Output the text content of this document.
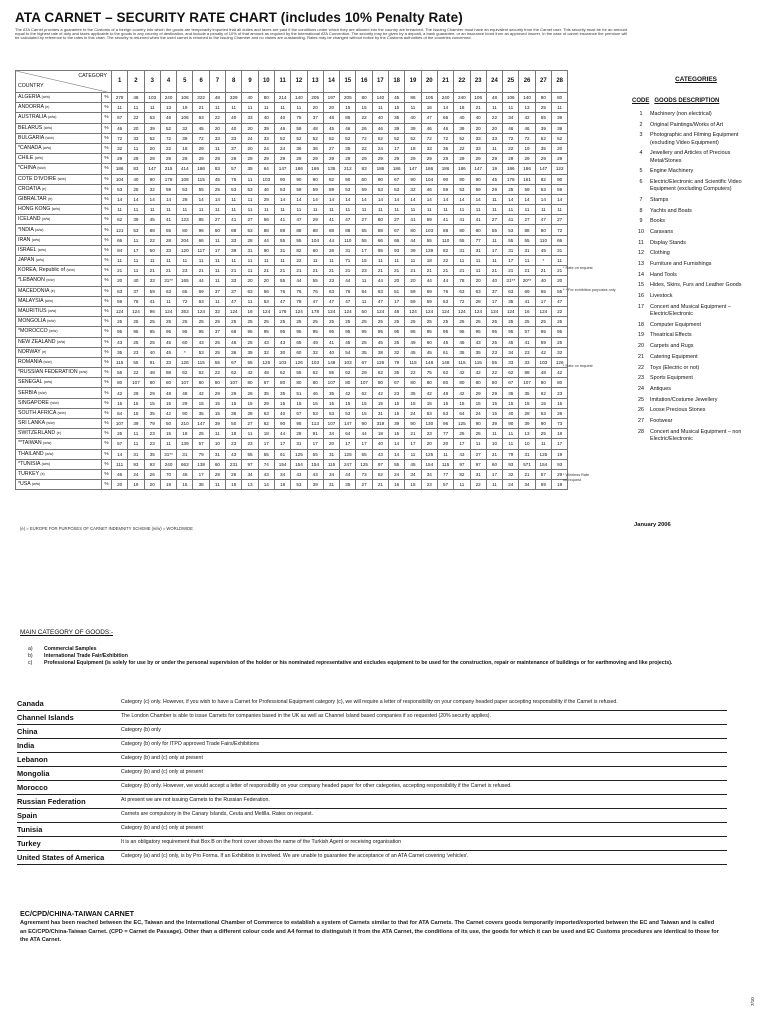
ATA CARNET – SECURITY RATE CHART (includes 10% Penalty Rate)
The ATA Carnet provides a guarantee to the Customs of a foreign country into which the goods are temporarily imported that all duties and taxes are paid if the conditions under which they are allowed into the country are breached. The Issuing Chamber must have an equivalent security from the Carnet user. This security must be for an amount equal to the highest rate of duty and taxes applicable to the goods in any country of destination, and include a penalty of 10% of that amount as required by the International ATA Convention. The security may be given by a deposit, a bank guarantee, or an insurance bond from an approved insurer. In the case of carnet insurance the premium will be calculated by reference to the rates in this chart. The security is returned when the used carnet is returned to the Issuing Chamber and no claims are outstanding. Rates may be changed without notice by the Customs authorities of the countries concerned.
CATEGORY
COUNTRY		1	2	3	4	5	6	7	8	9	10	11	12	13	14	15	16	17	18	19	20	21	22	23	24	25	26	27	28
ALGERIA (w/w)	%	279	48	103	240	106	322	48	329	40	80	214	140	205	197	205	80	140	45	86	105	240	240	106	48	106	140	80	80
ANDORRA (e)	%	11	11	11	13	19	21	11	11	11	11	11	11	20	20	15	15	11	15	11	16	14	18	21	11	11	13	25	11
AUSTRALIA (w/w)	%	67	22	53	46	106	63	22	40	33	40	40	75	37	48	85	22	40	35	40	47	66	40	40	22	34	42	55	39
BELARUS (w/w)	%	46	20	39	52	32	45	20	40	20	39	46	59	48	45	46	26	46	39	39	46	46	39	20	20	46	46	39	39
BULGARIA (w/w)	%	72	33	52	72	39	72	33	33	24	33	52	52	52	52	52	72	52	52	52	72	72	52	33	33	72	72	52	52
*CANADA (w/w)	%	32	11	20	22	18	29	11	37	20	24	24	36	36	27	35	22	24	17	18	33	36	22	33	11	22	19	35	20
CHILE (w/w)	%	29	29	29	29	29	29	29	29	29	29	29	29	29	29	29	29	29	29	29	29	29	29	29	29	29	29	29	29
*CHINA (w/w)	%	186	83	147	215	414	186	83	57	35	64	147	186	186	135	212	83	186	186	147	186	186	186	147	19	186	186	147	122
COTE D'IVOIRE (w/w)	%	104	40	90	178	108	115	45	75	11	103	90	90	90	82	90	60	90	67	90	104	90	90	90	45	178	161	82	90
CROATIA (e)	%	53	25	32	59	53	55	25	53	53	46	53	59	59	59	53	59	53	53	32	46	59	53	59	29	25	59	53	59
GIBRALTAR (e)	%	14	14	14	14	29	14	14	11	11	29	14	14	14	14	14	14	14	14	14	14	14	14	14	11	14	14	14	14
HONG KONG (w/w)	%	11	11	11	11	11	11	11	11	11	11	11	11	11	11	11	11	11	11	11	11	11	11	11	11	11	11	11	11
ICELAND (w/w)	%	62	39	45	41	123	85	27	41	27	56	41	47	29	41	47	27	80	27	41	59	41	41	41	27	41	27	47	27
*INDIA (w/w)	%	121	53	88	55	80	96	50	88	53	88	88	88	88	88	88	55	88	67	80	103	88	80	80	55	53	88	80	72
IRAN (w/w)	%	66	11	22	28	204	66	11	33	28	44	55	55	104	44	110	55	66	66	44	55	110	55	77	11	55	55	110	66
ISRAEL (w/w)	%	94	17	50	33	120	117	17	39	31	90	31	82	60	26	31	17	95	93	39	139	82	31	31	17	31	31	45	31
JAPAN (w/w)	%	11	11	11	11	11	11	11	11	11	11	11	22	11	11	71	15	11	11	11	18	22	11	11	11	17	11	*	11
KOREA, Republic of (w/w)	%	21	11	21	21	23	21	11	21	11	21	21	21	21	21	21	23	21	21	21	21	21	21	11	21	21	21	21	21
*LEBANON (w/w)	%	20	40	33	31**	165	44	11	33	20	20	55	44	55	23	44	11	44	20	20	44	44	78	20	40	31**	20**	40	20
MACEDONIA (e)	%	63	37	59	63	65	69	37	37	63	56	76	76	76	63	76	84	63	51	59	69	76	63	63	37	63	69	65	55
MALAYSIA (w/w)	%	59	78	41	11	72	63	11	47	11	53	47	78	47	47	47	11	47	17	59	59	53	72	28	17	35	41	17	47
MAURITIUS (w/w)	%	124	124	96	124	353	124	32	124	16	124	178	124	178	124	124	50	124	48	124	124	124	124	124	124	124	16	124	22
MONGOLIA (w/w)	%	25	25	25	25	25	25	25	25	25	25	25	25	25	25	25	25	25	25	25	25	25	25	25	25	25	25	25	25
*MOROCCO (w/w)	%	95	95	95	95	95	95	37	68	95	95	95	95	95	95	95	95	95	95	95	95	95	95	95	95	95	57	95	95
NEW ZEALAND (w/w)	%	43	25	25	45	60	43	25	46	25	43	43	65	49	41	45	25	45	25	49	60	45	45	43	25	45	41	59	25
NORWAY (e)	%	35	23	40	45	*	53	25	36	35	32	30	60	32	40	54	35	38	32	45	45	61	35	35	23	34	23	42	32
ROMANIA (w/w)	%	115	55	91	33	126	115	55	67	55	126	103	126	103	148	103	67	126	79	115	148	148	115	115	55	33	33	103	126
*RUSSIAN FEDERATION (w/w)	%	55	22	48	88	62	62	22	62	42	48	62	55	62	55	62	29	62	35	22	75	62	42	42	22	62	88	48	42
SENEGAL (w/w)	%	80	107	80	80	107	80	80	107	80	67	80	80	80	107	80	107	80	67	80	80	80	80	80	80	67	107	80	80
SERBIA (w/w)	%	42	29	29	48	48	42	29	29	26	35	35	51	46	35	42	62	42	23	35	42	48	42	29	29	35	35	62	23
SINGAPORE (w/w)	%	15	15	15	15	29	15	15	15	15	29	15	15	15	15	15	15	15	15	15	15	15	15	15	15	15	15	15	15
SOUTH AFRICA (w/w)	%	64	15	35	42	90	35	15	38	28	63	40	67	53	53	53	15	31	15	24	53	53	64	24	15	40	28	53	28
SRI LANKA (w/w)	%	107	39	79	50	210	147	39	50	27	62	90	95	113	107	147	90	319	39	90	130	96	125	90	39	90	39	90	73
SWITZERLAND (e)	%	25	11	23	15	18	25	11	18	11	18	44	28	91	34	64	44	18	15	21	23	77	25	25	11	11	13	25	18
**TAIWAN (w/w)	%	57	11	23	11	139	57	10	23	23	17	17	31	17	20	17	17	40	14	17	20	20	17	11	10	11	10	11	17
THAILAND (w/w)	%	14	31	35	31**	31	79	31	43	55	55	61	125	55	31	125	55	43	14	11	125	11	43	27	31	79	31	125	19
*TUNISIA (w/w)	%	111	93	93	240	663	138	60	231	97	74	154	154	154	115	247	125	97	55	45	154	115	97	97	60	93	571	154	93
TURKEY (e)	%	46	24	26	70	45	17	29	26	34	43	34	43	43	34	44	73	52	24	34	34	77	82	31	17	32	21	57	29
*USA (w/w)	%	20	19	20	19	15	38	11	15	13	14	18	53	39	31	35	27	21	16	15	23	57	11	22	11	24	34	69	19
* Rate on request
* * For exhibition purposes only
* Rate on request
* Wireless Rate on request
(e) = EUROPE FOR PURPOSES OF CARNET INDEMNITY SCHEME (w/w) = WORLDWIDE
CATEGORIES
CODE GOODS DESCRIPTION
1	Machinery (non electrical)
2	Original Paintings/Works of Art
3	Photographic and Filming Equipment (excluding Video Equipment)
4	Jewellery and Articles of Precious Metal/Stones
5	Engine Machinery
6	Electric/Electronic and Scientific Video Equipment (excluding Computers)
7	Stamps
8	Yachts and Boats
9	Books
10	Caravans
11	Display Stands
12	Clothing
13	Furniture and Furnishings
14	Hand Tools
15	Hides, Skins, Furs and Leather Goods
16	Livestock
17	Concert and Musical Equipment – Electric/Electronic
18	Computer Equipment
19	Theatrical Effects
20	Carpets and Rugs
21	Catering Equipment
22	Toys (Electric or not)
23	Sports Equipment
24	Antiques
25	Imitation/Costume Jewellery
26	Loose Precious Stones
27	Footwear
28	Concert and Musical Equipment – non Electric/Electronic
January 2006
MAIN CATEGORY OF GOODS:-
a)	Commercial Samples
b)	International Trade Fair/Exhibition
c)	Professional Equipment (is solely for use by or under the personal supervision of the holder or his nominated representative and excludes equipment to be used for the construction, repair or maintenance of buildings or for earthmoving and like projects).
Canada	Category (c) only. However, if you wish to have a Carnet for Professional Equipment category (c), we will require a letter of responsibility on your company headed paper accepting responsibility if the Carnet is refused.
Channel Islands	The London Chamber is able to issue Carnets for companies based in the UK as well as Channel Island based companies if so requested (20% security applies).
China	Category (b) only
India	Category (b) only for ITPO approved Trade Fairs/Exhibitions
Lebanon	Category (b) and (c) only at present
Mongolia	Category (b) and (c) only at present
Morocco	Category (b) only. However, we would accept a letter of responsibility on your company headed paper for other categories, accepting responsibility if the Carnet is refused.
Russian Federation	At present we are not issuing Carnets to the Russian Federation.
Spain	Carnets are compulsory in the Canary Islands, Ceuta and Melilla. Rates on request.
Tunisia	Category (b) and (c) only at present
Turkey	It is an obligatory requirement that Box B on the front cover shows the name of the Turkish Agent or receiving organisation
United States of America	Category (a) and (c) only, is by Pro Forma. If an Exhibition is involved. We are unable to guarantee the acceptance of an ATA Carnet covering 'vehicles'.
EC/CPD/CHINA-TAIWAN CARNET
Agreement has been reached between the EC, Taiwan and the International Chamber of Commerce to establish a system of Carnets similar to that for ATA Carnets. The Carnet covers goods temporarily imported/exported between the EC and Taiwan and is called an EC/CPD/China-Taiwan Carnet. (CPD = Carnet de Passage). Other than a different colour code and A4 format to distinguish it from the ATA Carnet, the conditions of its use, the goods for which it can be used and EC Customs procedures are identical to those for the ATA Carnet.
7/10
